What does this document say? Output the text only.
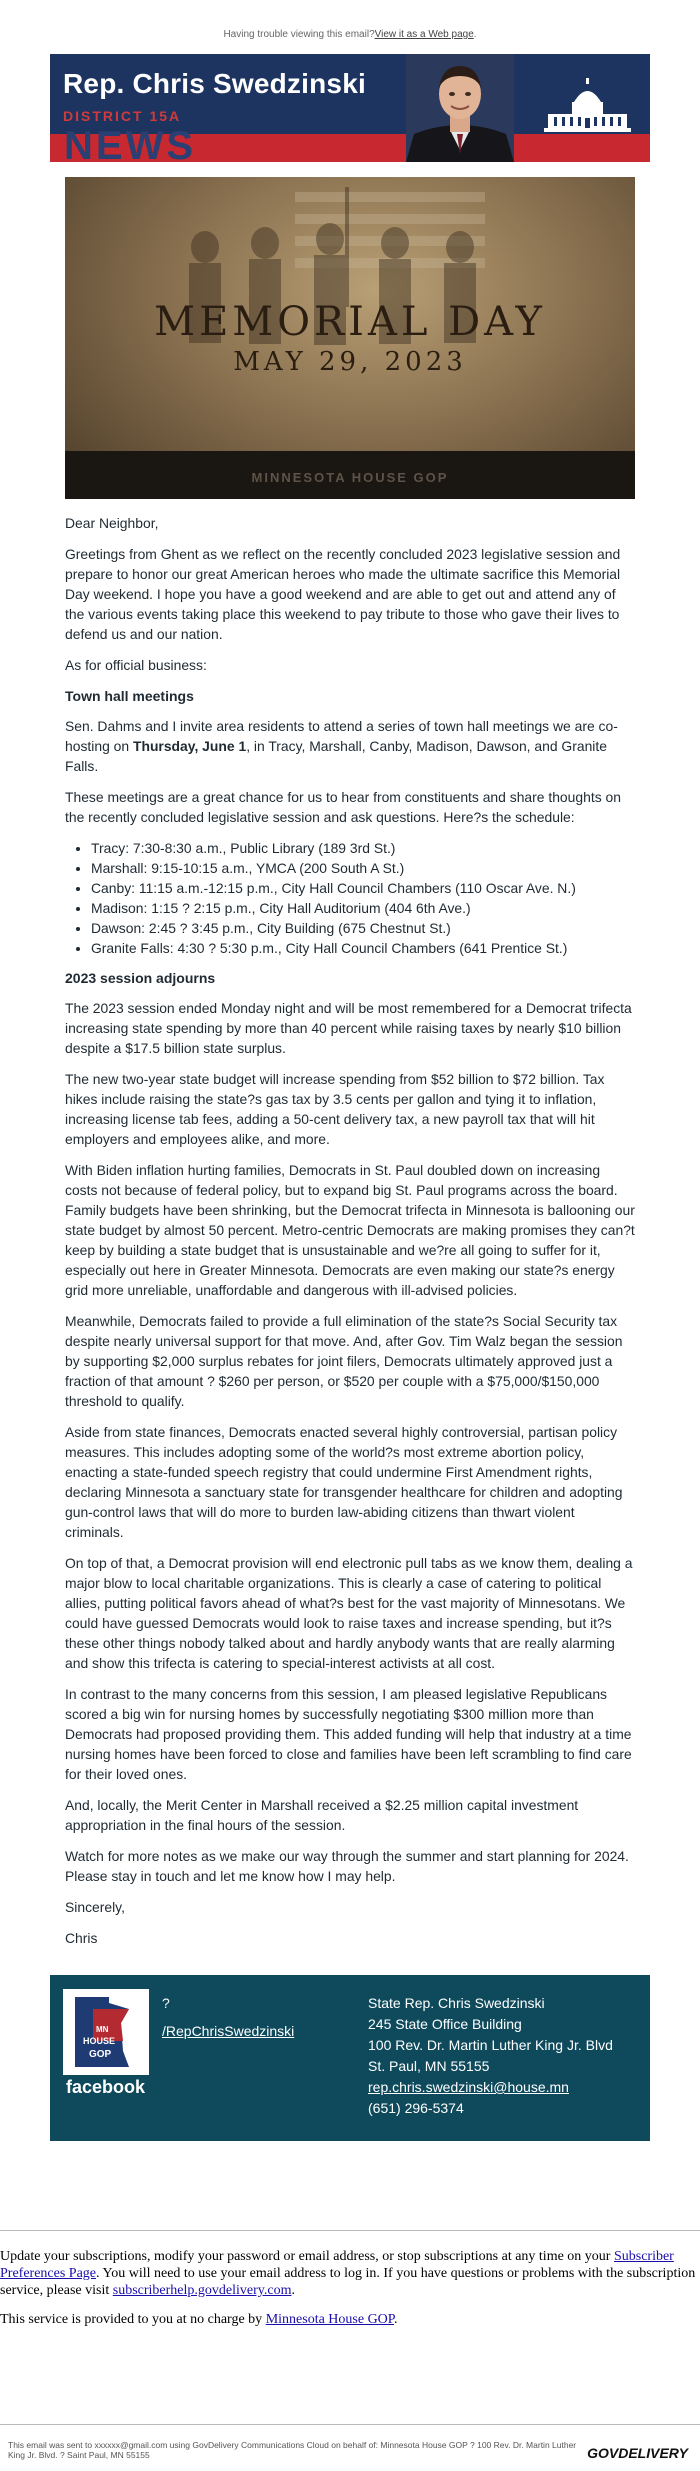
Having trouble viewing this email?View it as a Web page.
Rep. Chris Swedzinski
DISTRICT 15A
NEWS
MEMORIAL DAY
MAY 29, 2023
MINNESOTA HOUSE GOP

Dear Neighbor,

Greetings from Ghent as we reflect on the recently concluded 2023 legislative session and prepare to honor our great American heroes who made the ultimate sacrifice this Memorial Day weekend. I hope you have a good weekend and are able to get out and attend any of the various events taking place this weekend to pay tribute to those who gave their lives to defend us and our nation.

As for official business:

Town hall meetings

Sen. Dahms and I invite area residents to attend a series of town hall meetings we are co-hosting on Thursday, June 1, in Tracy, Marshall, Canby, Madison, Dawson, and Granite Falls.

These meetings are a great chance for us to hear from constituents and share thoughts on the recently concluded legislative session and ask questions. Here?s the schedule:

• Tracy: 7:30-8:30 a.m., Public Library (189 3rd St.)
• Marshall: 9:15-10:15 a.m., YMCA (200 South A St.)
• Canby: 11:15 a.m.-12:15 p.m., City Hall Council Chambers (110 Oscar Ave. N.)
• Madison: 1:15 ? 2:15 p.m., City Hall Auditorium (404 6th Ave.)
• Dawson: 2:45 ? 3:45 p.m., City Building (675 Chestnut St.)
• Granite Falls: 4:30 ? 5:30 p.m., City Hall Council Chambers (641 Prentice St.)
2023 session adjourns

The 2023 session ended Monday night and will be most remembered for a Democrat trifecta increasing state spending by more than 40 percent while raising taxes by nearly $10 billion despite a $17.5 billion state surplus.

The new two-year state budget will increase spending from $52 billion to $72 billion. Tax hikes include raising the state?s gas tax by 3.5 cents per gallon and tying it to inflation, increasing license tab fees, adding a 50-cent delivery tax, a new payroll tax that will hit employers and employees alike, and more.

With Biden inflation hurting families, Democrats in St. Paul doubled down on increasing costs not because of federal policy, but to expand big St. Paul programs across the board. Family budgets have been shrinking, but the Democrat trifecta in Minnesota is ballooning our state budget by almost 50 percent. Metro-centric Democrats are making promises they can?t keep by building a state budget that is unsustainable and we?re all going to suffer for it, especially out here in Greater Minnesota. Democrats are even making our state?s energy grid more unreliable, unaffordable and dangerous with ill-advised policies.

Meanwhile, Democrats failed to provide a full elimination of the state?s Social Security tax despite nearly universal support for that move. And, after Gov. Tim Walz began the session by supporting $2,000 surplus rebates for joint filers, Democrats ultimately approved just a fraction of that amount ? $260 per person, or $520 per couple with a $75,000/$150,000 threshold to qualify.

Aside from state finances, Democrats enacted several highly controversial, partisan policy measures. This includes adopting some of the world?s most extreme abortion policy, enacting a state-funded speech registry that could undermine First Amendment rights, declaring Minnesota a sanctuary state for transgender healthcare for children and adopting gun-control laws that will do more to burden law-abiding citizens than thwart violent criminals.

On top of that, a Democrat provision will end electronic pull tabs as we know them, dealing a major blow to local charitable organizations. This is clearly a case of catering to political allies, putting political favors ahead of what?s best for the vast majority of Minnesotans. We could have guessed Democrats would look to raise taxes and increase spending, but it?s these other things nobody talked about and hardly anybody wants that are really alarming and show this trifecta is catering to special-interest activists at all cost.

In contrast to the many concerns from this session, I am pleased legislative Republicans scored a big win for nursing homes by successfully negotiating $300 million more than Democrats had proposed providing them. This added funding will help that industry at a time nursing homes have been forced to close and families have been left scrambling to find care for their loved ones.

And, locally, the Merit Center in Marshall received a $2.25 million capital investment appropriation in the final hours of the session.

Watch for more notes as we make our way through the summer and start planning for 2024. Please stay in touch and let me know how I may help.

Sincerely,

Chris

MN
HOUSE
GOP
facebook
?
/RepChrisSwedzinski
State Rep. Chris Swedzinski
245 State Office Building
100 Rev. Dr. Martin Luther King Jr. Blvd
St. Paul, MN 55155
rep.chris.swedzinski@house.mn
(651) 296-5374

Update your subscriptions, modify your password or email address, or stop subscriptions at any time on your Subscriber Preferences Page. You will need to use your email address to log in. If you have questions or problems with the subscription service, please visit subscriberhelp.govdelivery.com.

This service is provided to you at no charge by Minnesota House GOP.

This email was sent to xxxxxx@gmail.com using GovDelivery Communications Cloud on behalf of: Minnesota House GOP ? 100 Rev. Dr. Martin Luther King Jr. Blvd. ? Saint Paul, MN 55155	GOVDELIVERY
